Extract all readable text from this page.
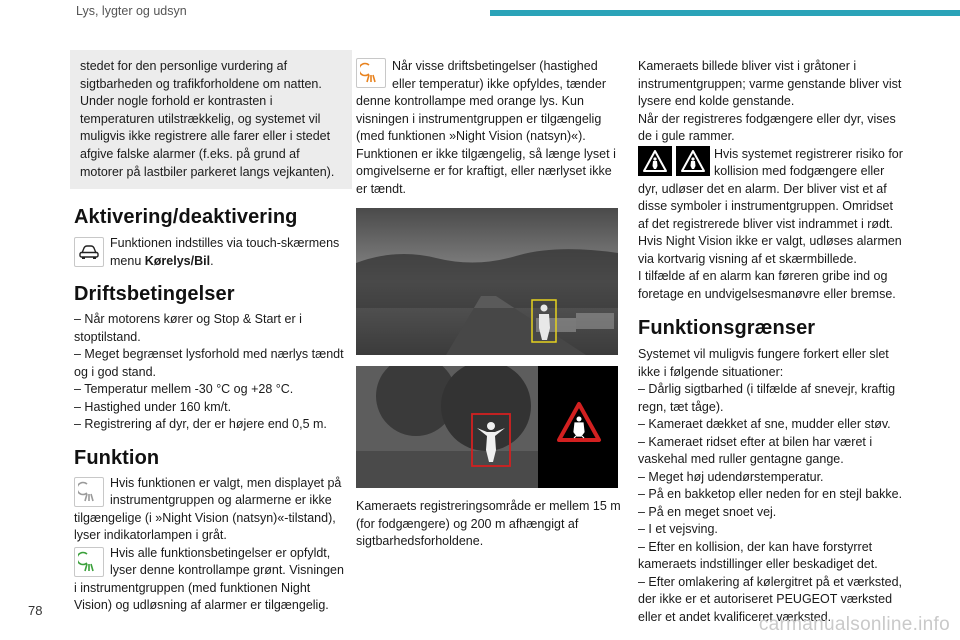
Lys, lygter og udsyn

stedet for den personlige vurdering af sigtbarheden og trafikforholdene om natten. Under nogle forhold er kontrasten i temperaturen utilstrækkelig, og systemet vil muligvis ikke registrere alle farer eller i stedet afgive falske alarmer (f.eks. på grund af motorer på lastbiler parkeret langs vejkanten).

Aktivering/deaktivering

Funktionen indstilles via touch-skærmens menu Kørelys/Bil.

Driftsbetingelser

– Når motorens kører og Stop & Start er i stoptilstand.

– Meget begrænset lysforhold med nærlys tændt og i god stand.

– Temperatur mellem -30 °C og +28 °C.

– Hastighed under 160 km/t.

– Registrering af dyr, der er højere end 0,5 m.

Funktion

Hvis funktionen er valgt, men displayet på instrumentgruppen og alarmerne er ikke tilgængelige (i »Night Vision (natsyn)«-tilstand), lyser indikatorlampen i gråt.

Hvis alle funktionsbetingelser er opfyldt, lyser denne kontrollampe grønt. Visningen i instrumentgruppen (med funktionen Night Vision) og udløsning af alarmer er tilgængelig.

Når visse driftsbetingelser (hastighed eller temperatur) ikke opfyldes, tænder denne kontrollampe med orange lys. Kun visningen i instrumentgruppen er tilgængelig (med funktionen »Night Vision (natsyn)«).

Funktionen er ikke tilgængelig, så længe lyset i omgivelserne er for kraftigt, eller nærlyset ikke er tændt.

Kameraets registreringsområde er mellem 15 m (for fodgængere) og 200 m afhængigt af sigtbarhedsforholdene.

Kameraets billede bliver vist i gråtoner i instrumentgruppen; varme genstande bliver vist lysere end kolde genstande.

Når der registreres fodgængere eller dyr, vises de i gule rammer.

Hvis systemet registrerer risiko for kollision med fodgængere eller dyr, udløser det en alarm. Der bliver vist et af disse symboler i instrumentgruppen. Omridset af det registrerede bliver vist indrammet i rødt.

Hvis Night Vision ikke er valgt, udløses alarmen via kortvarig visning af et skærmbillede.

I tilfælde af en alarm kan føreren gribe ind og foretage en undvigelsesmanøvre eller bremse.

Funktionsgrænser

Systemet vil muligvis fungere forkert eller slet ikke i følgende situationer:

– Dårlig sigtbarhed (i tilfælde af snevejr, kraftig regn, tæt tåge).

– Kameraet dækket af sne, mudder eller støv.

– Kameraet ridset efter at bilen har været i vaskehal med ruller gentagne gange.

– Meget høj udendørstemperatur.

– På en bakketop eller neden for en stejl bakke.

– På en meget snoet vej.

– I et vejsving.

– Efter en kollision, der kan have forstyrret kameraets indstillinger eller beskadiget det.

– Efter omlakering af kølergitret på et værksted, der ikke er et autoriseret PEUGEOT værksted eller et andet kvalificeret værksted.

78
carmanualsonline.info
